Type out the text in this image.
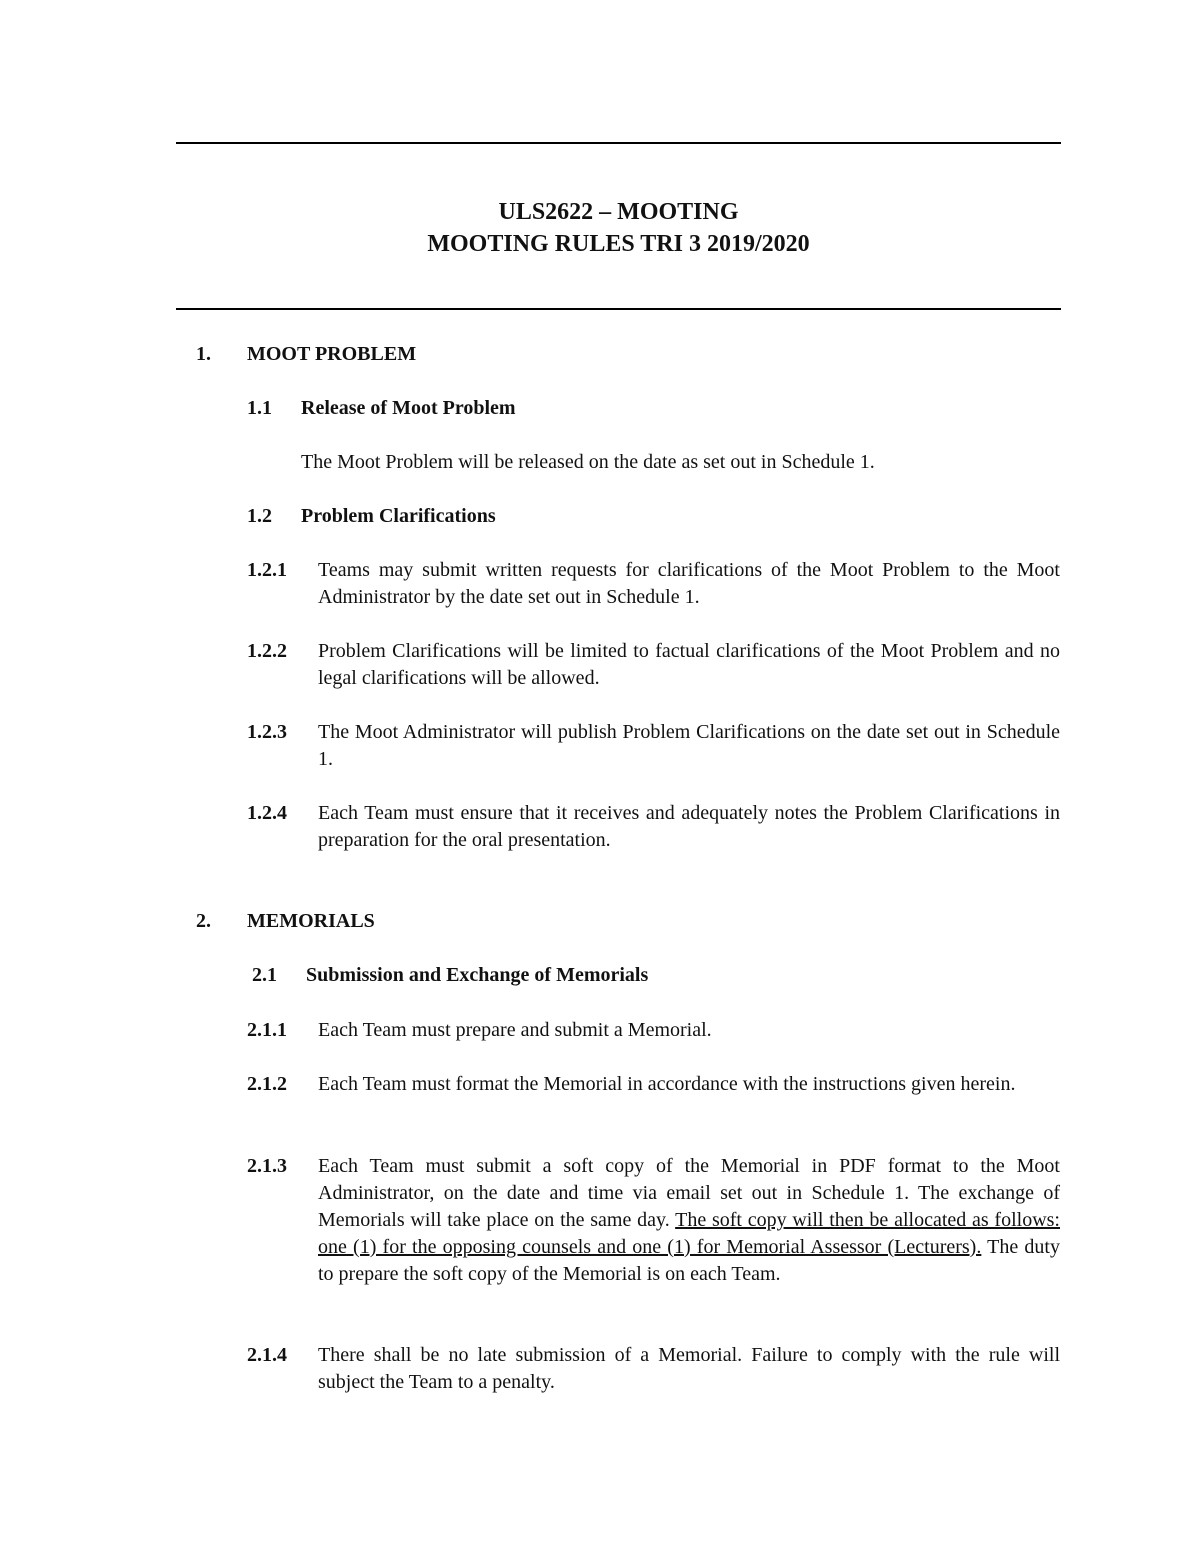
ULS2622 – MOOTING
MOOTING RULES TRI 3 2019/2020
1. MOOT PROBLEM
1.1 Release of Moot Problem
The Moot Problem will be released on the date as set out in Schedule 1.
1.2 Problem Clarifications
1.2.1 Teams may submit written requests for clarifications of the Moot Problem to the Moot Administrator by the date set out in Schedule 1.
1.2.2 Problem Clarifications will be limited to factual clarifications of the Moot Problem and no legal clarifications will be allowed.
1.2.3 The Moot Administrator will publish Problem Clarifications on the date set out in Schedule 1.
1.2.4 Each Team must ensure that it receives and adequately notes the Problem Clarifications in preparation for the oral presentation.
2. MEMORIALS
2.1 Submission and Exchange of Memorials
2.1.1 Each Team must prepare and submit a Memorial.
2.1.2 Each Team must format the Memorial in accordance with the instructions given herein.
2.1.3 Each Team must submit a soft copy of the Memorial in PDF format to the Moot Administrator, on the date and time via email set out in Schedule 1. The exchange of Memorials will take place on the same day. The soft copy will then be allocated as follows: one (1) for the opposing counsels and one (1) for Memorial Assessor (Lecturers). The duty to prepare the soft copy of the Memorial is on each Team.
2.1.4 There shall be no late submission of a Memorial. Failure to comply with the rule will subject the Team to a penalty.
